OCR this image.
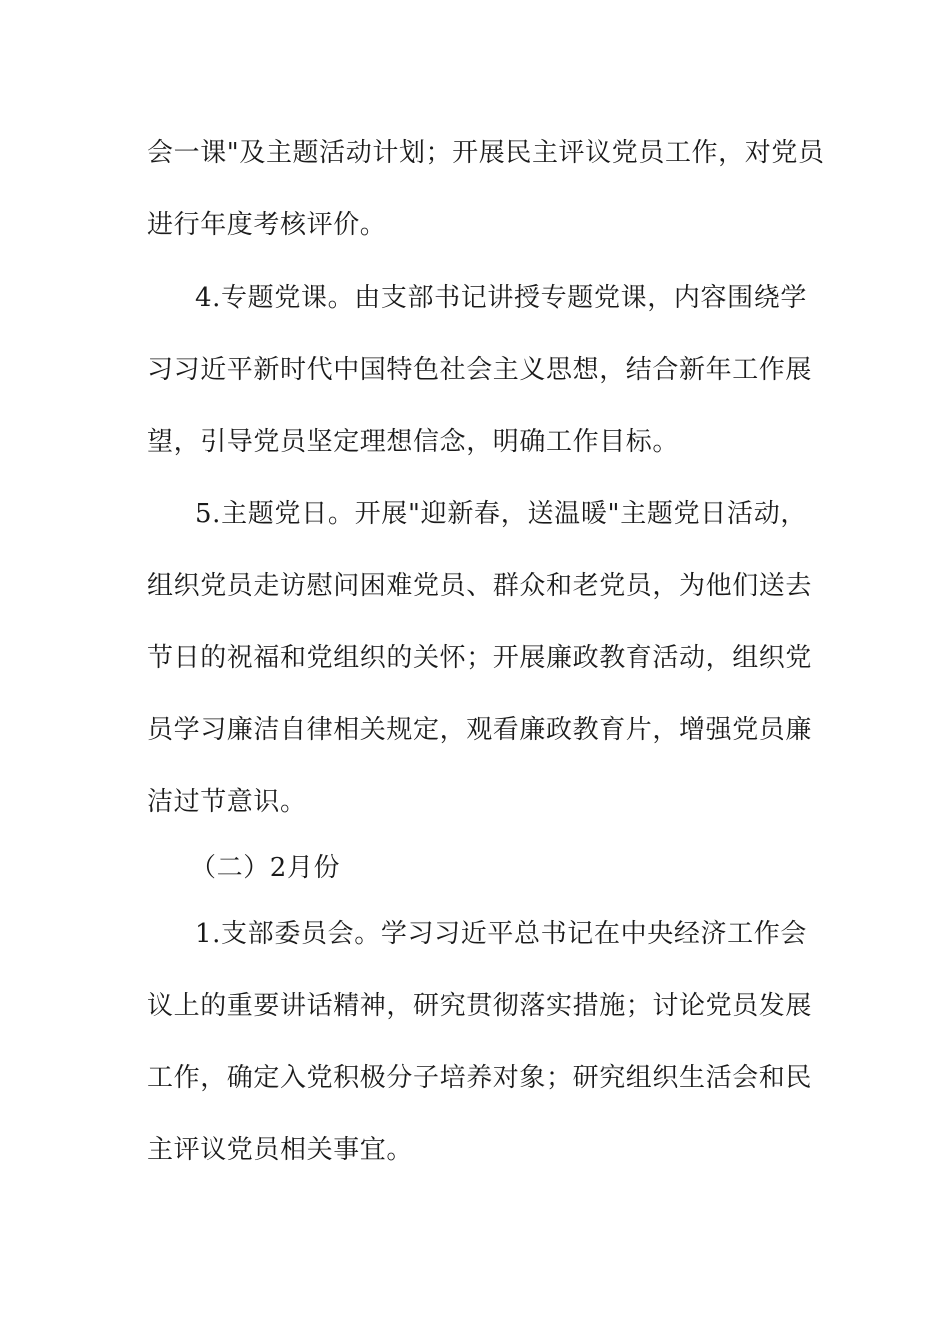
会一课"及主题活动计划；开展民主评议党员工作，对党员
进行年度考核评价。
4.专题党课。由支部书记讲授专题党课，内容围绕学
习习近平新时代中国特色社会主义思想，结合新年工作展
望，引导党员坚定理想信念，明确工作目标。
5.主题党日。开展"迎新春，送温暖"主题党日活动，
组织党员走访慰问困难党员、群众和老党员，为他们送去
节日的祝福和党组织的关怀；开展廉政教育活动，组织党
员学习廉洁自律相关规定，观看廉政教育片，增强党员廉
洁过节意识。
（二）2月份
1.支部委员会。学习习近平总书记在中央经济工作会
议上的重要讲话精神，研究贯彻落实措施；讨论党员发展
工作，确定入党积极分子培养对象；研究组织生活会和民
主评议党员相关事宜。
